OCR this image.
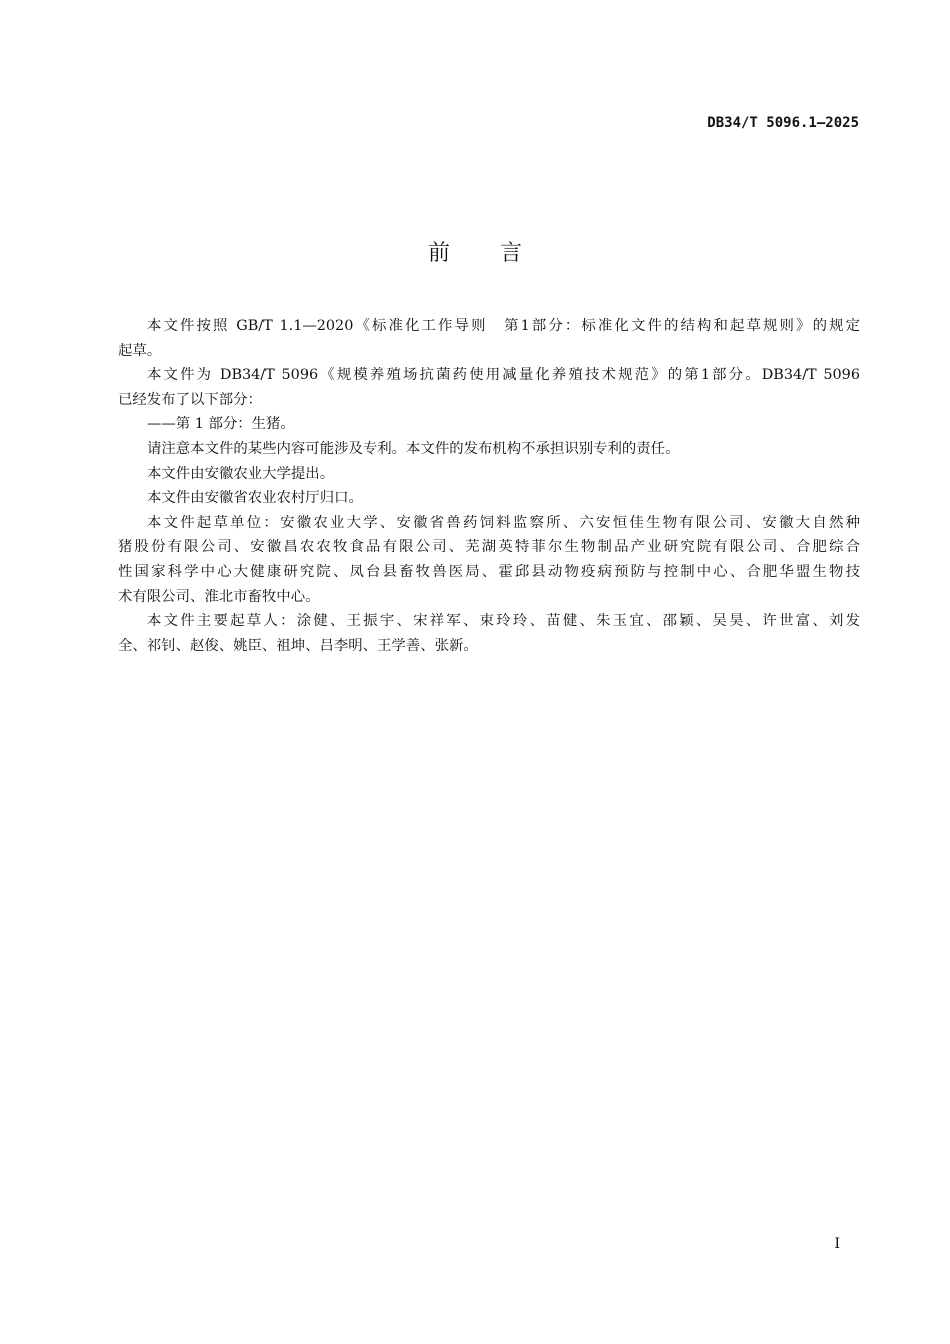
DB34/T 5096.1—2025
前言
本文件按照 GB/T 1.1—2020《标准化工作导则　第1部分：标准化文件的结构和起草规则》的规定
起草。
本文件为 DB34/T 5096《规模养殖场抗菌药使用减量化养殖技术规范》的第1部分。DB34/T 5096
已经发布了以下部分：
——第 1 部分：生猪。
请注意本文件的某些内容可能涉及专利。本文件的发布机构不承担识别专利的责任。
本文件由安徽农业大学提出。
本文件由安徽省农业农村厅归口。
本文件起草单位：安徽农业大学、安徽省兽药饲料监察所、六安恒佳生物有限公司、安徽大自然种
猪股份有限公司、安徽昌农农牧食品有限公司、芜湖英特菲尔生物制品产业研究院有限公司、合肥综合
性国家科学中心大健康研究院、凤台县畜牧兽医局、霍邱县动物疫病预防与控制中心、合肥华盟生物技
术有限公司、淮北市畜牧中心。
本文件主要起草人：涂健、王振宇、宋祥军、束玲玲、苗健、朱玉宜、邵颖、吴昊、许世富、刘发
全、祁钊、赵俊、姚臣、祖坤、吕李明、王学善、张新。
I
